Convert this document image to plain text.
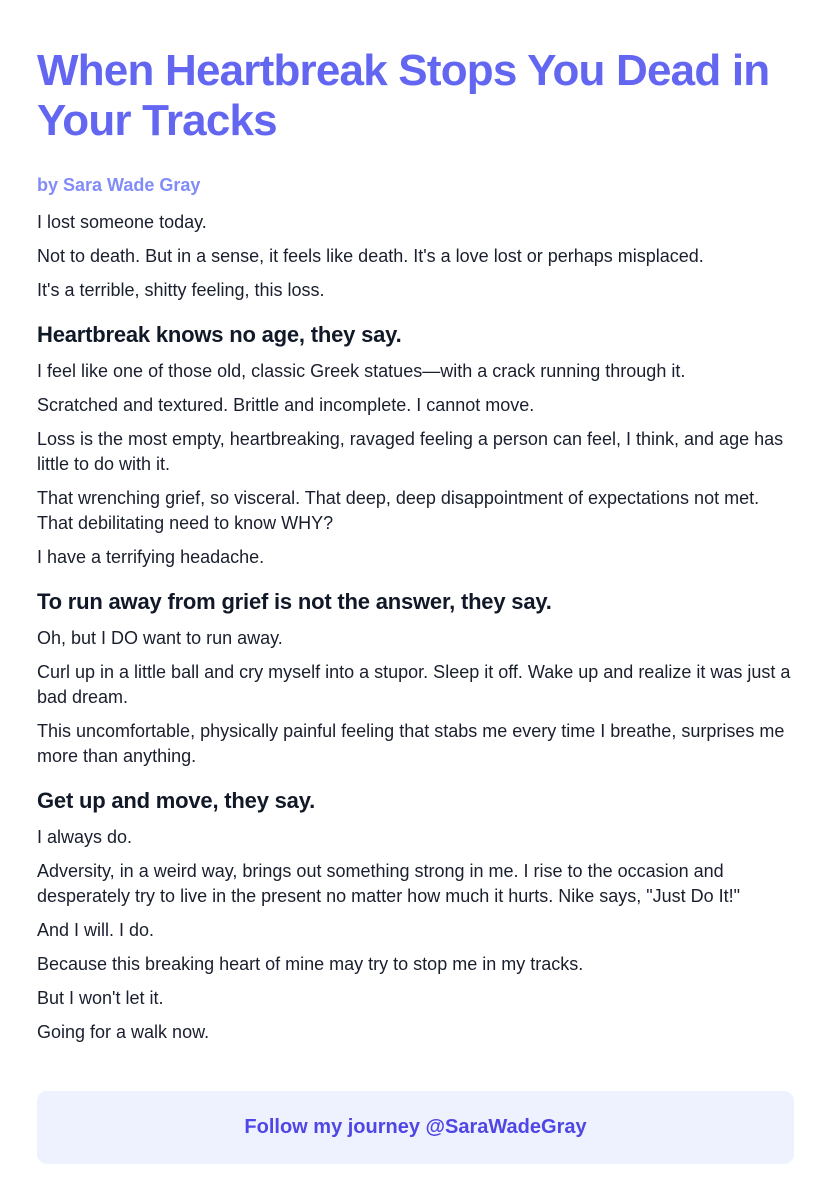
When Heartbreak Stops You Dead in Your Tracks
by Sara Wade Gray

I lost someone today.

Not to death. But in a sense, it feels like death. It's a love lost or perhaps misplaced.

It's a terrible, shitty feeling, this loss.

Heartbreak knows no age, they say.

I feel like one of those old, classic Greek statues—with a crack running through it.

Scratched and textured. Brittle and incomplete. I cannot move.

Loss is the most empty, heartbreaking, ravaged feeling a person can feel, I think, and age has little to do with it.

That wrenching grief, so visceral. That deep, deep disappointment of expectations not met. That debilitating need to know WHY?

I have a terrifying headache.

To run away from grief is not the answer, they say.

Oh, but I DO want to run away.

Curl up in a little ball and cry myself into a stupor. Sleep it off. Wake up and realize it was just a bad dream.

This uncomfortable, physically painful feeling that stabs me every time I breathe, surprises me more than anything.

Get up and move, they say.

I always do.

Adversity, in a weird way, brings out something strong in me. I rise to the occasion and desperately try to live in the present no matter how much it hurts. Nike says, "Just Do It!"

And I will. I do.

Because this breaking heart of mine may try to stop me in my tracks.

But I won't let it.

Going for a walk now.

Follow my journey @SaraWadeGray
